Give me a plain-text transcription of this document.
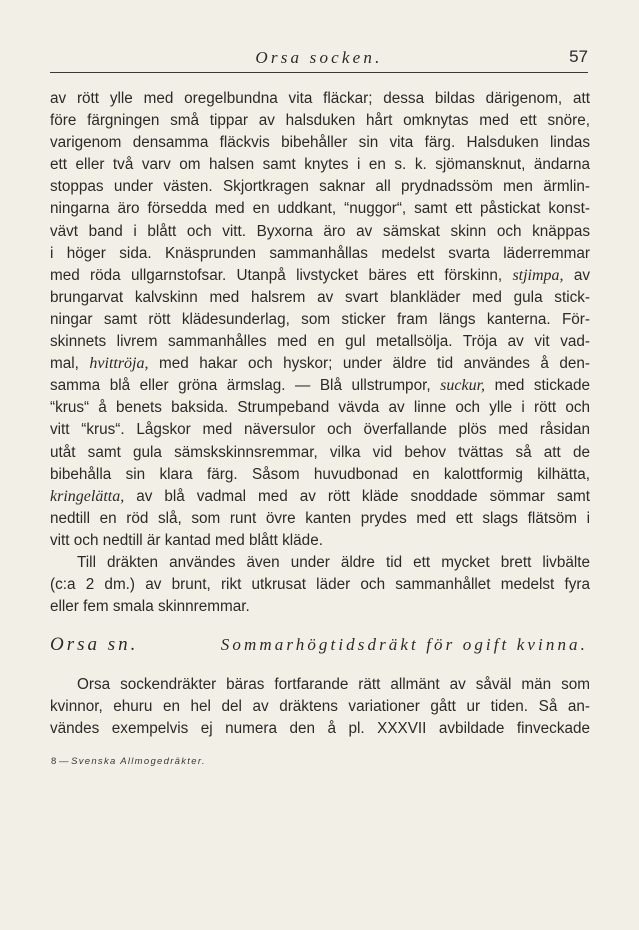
Orsa socken.	57
av rött ylle med oregelbundna vita fläckar; dessa bildas därigenom, att
före färgningen små tippar av halsduken hårt omknytas med ett snöre,
varigenom densamma fläckvis bibehåller sin vita färg. Halsduken lindas
ett eller två varv om halsen samt knytes i en s. k. sjömansknut, ändarna
stoppas under västen. Skjortkragen saknar all prydnadssöm men ärmlin-
ningarna äro försedda med en uddkant, “nuggor“, samt ett påstickat konst-
vävt band i blått och vitt. Byxorna äro av sämskat skinn och knäppas
i höger sida. Knäsprunden sammanhållas medelst svarta läderremmar
med röda ullgarnstofsar. Utanpå livstycket bäres ett förskinn, stjimpa, av
brungarvat kalvskinn med halsrem av svart blankläder med gula stick-
ningar samt rött klädesunderlag, som sticker fram längs kanterna. För-
skinnets livrem sammanhålles med en gul metallsölja. Tröja av vit vad-
mal, hvittröja, med hakar och hyskor; under äldre tid användes å den-
samma blå eller gröna ärmslag. — Blå ullstrumpor, suckur, med stickade
“krus“ å benets baksida. Strumpeband vävda av linne och ylle i rött och
vitt “krus“. Lågskor med näversulor och överfallande plös med råsidan
utåt samt gula sämskskinnsremmar, vilka vid behov tvättas så att de
bibehålla sin klara färg. Såsom huvudbonad en kalottformig kilhätta,
kringelätta, av blå vadmal med av rött kläde snoddade sömmar samt
nedtill en röd slå, som runt övre kanten prydes med ett slags flätsöm i
vitt och nedtill är kantad med blått kläde.
Till dräkten användes även under äldre tid ett mycket brett livbälte
(c:a 2 dm.) av brunt, rikt utkrusat läder och sammanhållet medelst fyra
eller fem smala skinnremmar.
Orsa sn.	Sommarhögtidsdräkt för ogift kvinna.
Orsa sockendräkter bäras fortfarande rätt allmänt av såväl män som
kvinnor, ehuru en hel del av dräktens variationer gått ur tiden. Så an-
vändes exempelvis ej numera den å pl. XXXVII avbildade finveckade
8 — Svenska Allmogedräkter.
